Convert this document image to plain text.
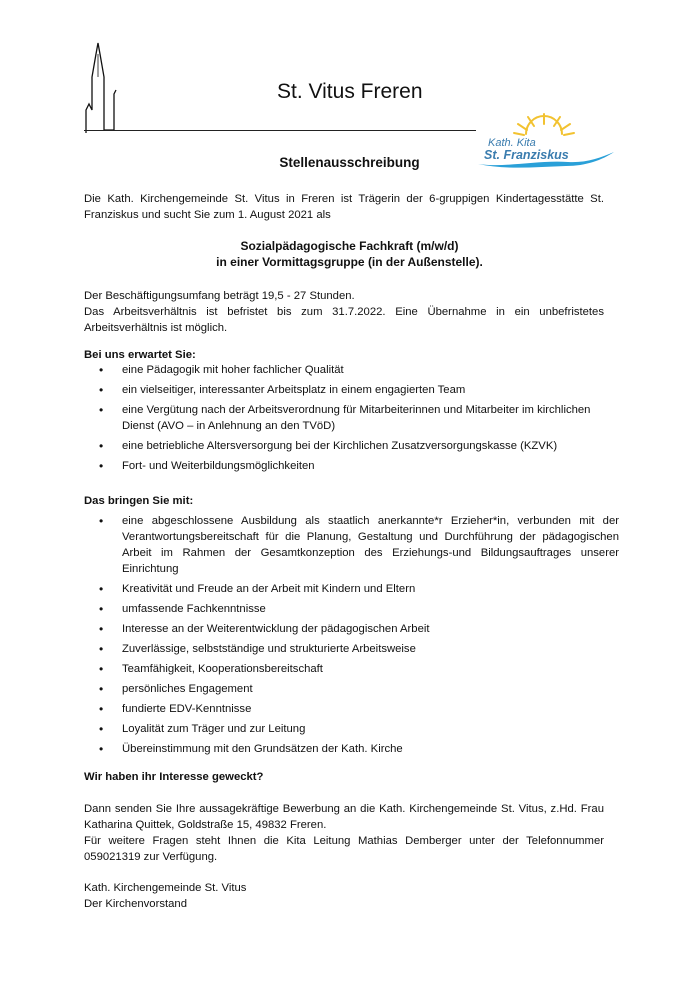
St. Vitus Freren
Kath. Kita
St. Franziskus
Stellenausschreibung

Die Kath. Kirchengemeinde St. Vitus in Freren ist Trägerin der 6-gruppigen Kindertagesstätte St. Franziskus und sucht Sie zum 1. August 2021 als

Sozialpädagogische Fachkraft (m/w/d)
in einer Vormittagsgruppe (in der Außenstelle).

Der Beschäftigungsumfang beträgt 19,5 - 27 Stunden.

Das Arbeitsverhältnis ist befristet bis zum 31.7.2022. Eine Übernahme in ein unbefristetes Arbeitsverhältnis ist möglich.

Bei uns erwartet Sie:
• eine Pädagogik mit hoher fachlicher Qualität
• ein vielseitiger, interessanter Arbeitsplatz in einem engagierten Team
• eine Vergütung nach der Arbeitsverordnung für Mitarbeiterinnen und Mitarbeiter im kirchlichen Dienst (AVO – in Anlehnung an den TVöD)
• eine betriebliche Altersversorgung bei der Kirchlichen Zusatzversorgungskasse (KZVK)
• Fort- und Weiterbildungsmöglichkeiten
Das bringen Sie mit:
• eine abgeschlossene Ausbildung als staatlich anerkannte*r Erzieher*in, verbunden mit der Verantwortungsbereitschaft für die Planung, Gestaltung und Durchführung der pädagogischen Arbeit im Rahmen der Gesamtkonzeption des Erziehungs-und Bildungsauftrages unserer Einrichtung
• Kreativität und Freude an der Arbeit mit Kindern und Eltern
• umfassende Fachkenntnisse
• Interesse an der Weiterentwicklung der pädagogischen Arbeit
• Zuverlässige, selbstständige und strukturierte Arbeitsweise
• Teamfähigkeit, Kooperationsbereitschaft
• persönliches Engagement
• fundierte EDV-Kenntnisse
• Loyalität zum Träger und zur Leitung
• Übereinstimmung mit den Grundsätzen der Kath. Kirche
Wir haben ihr Interesse geweckt?

Dann senden Sie Ihre aussagekräftige Bewerbung an die Kath. Kirchengemeinde St. Vitus, z.Hd. Frau Katharina Quittek, Goldstraße 15, 49832 Freren.

Für weitere Fragen steht Ihnen die Kita Leitung Mathias Demberger unter der Telefonnummer 059021319 zur Verfügung.

Kath. Kirchengemeinde St. Vitus

Der Kirchenvorstand
